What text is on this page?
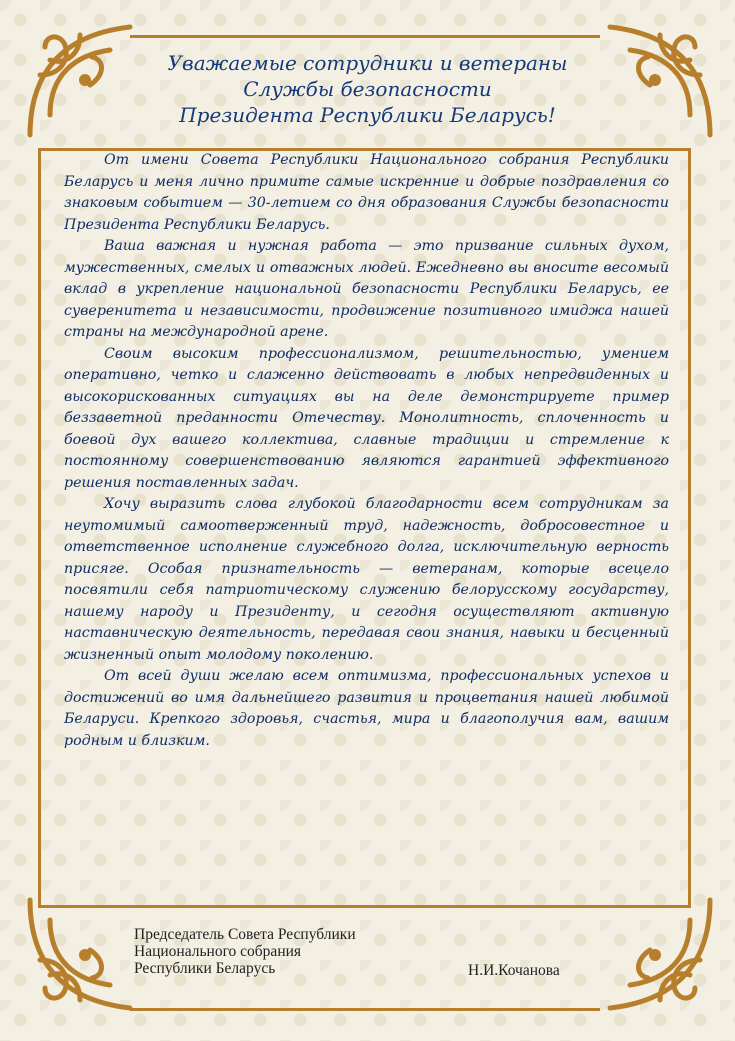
Уважаемые сотрудники и ветераны
Службы безопасности
Президента Республики Беларусь!

От имени Совета Республики Национального собрания Республики Беларусь и меня лично примите самые искренние и добрые поздравления со знаковым событием — 30-летием со дня образования Службы безопасности Президента Республики Беларусь.

Ваша важная и нужная работа — это призвание сильных духом, мужественных, смелых и отважных людей. Ежедневно вы вносите весомый вклад в укрепление национальной безопасности Республики Беларусь, ее суверенитета и независимости, продвижение позитивного имиджа нашей страны на международной арене.

Своим высоким профессионализмом, решительностью, умением оперативно, четко и слаженно действовать в любых непредвиденных и высокорискованных ситуациях вы на деле демонстрируете пример беззаветной преданности Отечеству. Монолитность, сплоченность и боевой дух вашего коллектива, славные традиции и стремление к постоянному совершенствованию являются гарантией эффективного решения поставленных задач.

Хочу выразить слова глубокой благодарности всем сотрудникам за неутомимый самоотверженный труд, надежность, добросовестное и ответственное исполнение служебного долга, исключительную верность присяге. Особая признательность — ветеранам, которые всецело посвятили себя патриотическому служению белорусскому государству, нашему народу и Президенту, и сегодня осуществляют активную наставническую деятельность, передавая свои знания, навыки и бесценный жизненный опыт молодому поколению.

От всей души желаю всем оптимизма, профессиональных успехов и достижений во имя дальнейшего развития и процветания нашей любимой Беларуси. Крепкого здоровья, счастья, мира и благополучия вам, вашим родным и близким.

Председатель Совета Республики
Национального собрания
Республики Беларусь	Н.И.Кочанова
